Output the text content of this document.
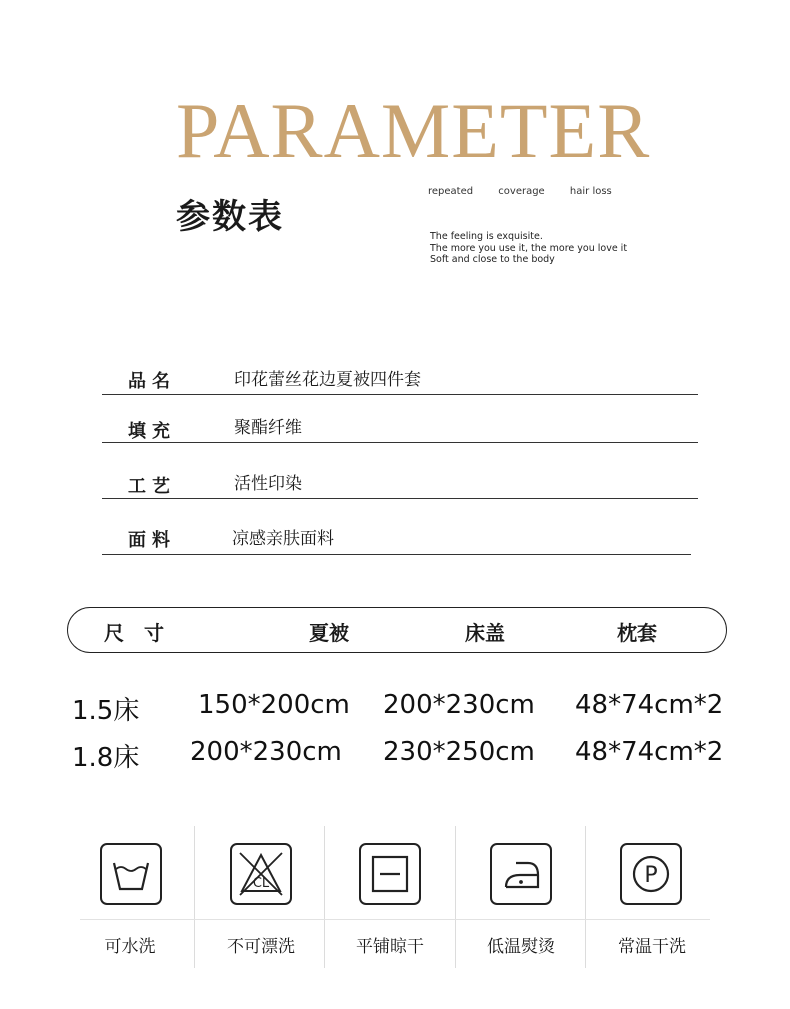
PARAMETER
参数表
repeated	coverage	hair loss
The feeling is exquisite.
The more you use it, the more you love it
Soft and close to the body
品名	印花蕾丝花边夏被四件套
填充	聚酯纤维
工艺	活性印染
面料	凉感亲肤面料
尺　寸	夏被	床盖	枕套
1.5床 150*200cm 200*230cm 48*74cm*2
1.8床 200*230cm 230*250cm 48*74cm*2
CL	P
可水洗	不可漂洗	平铺晾干	低温熨烫	常温干洗
